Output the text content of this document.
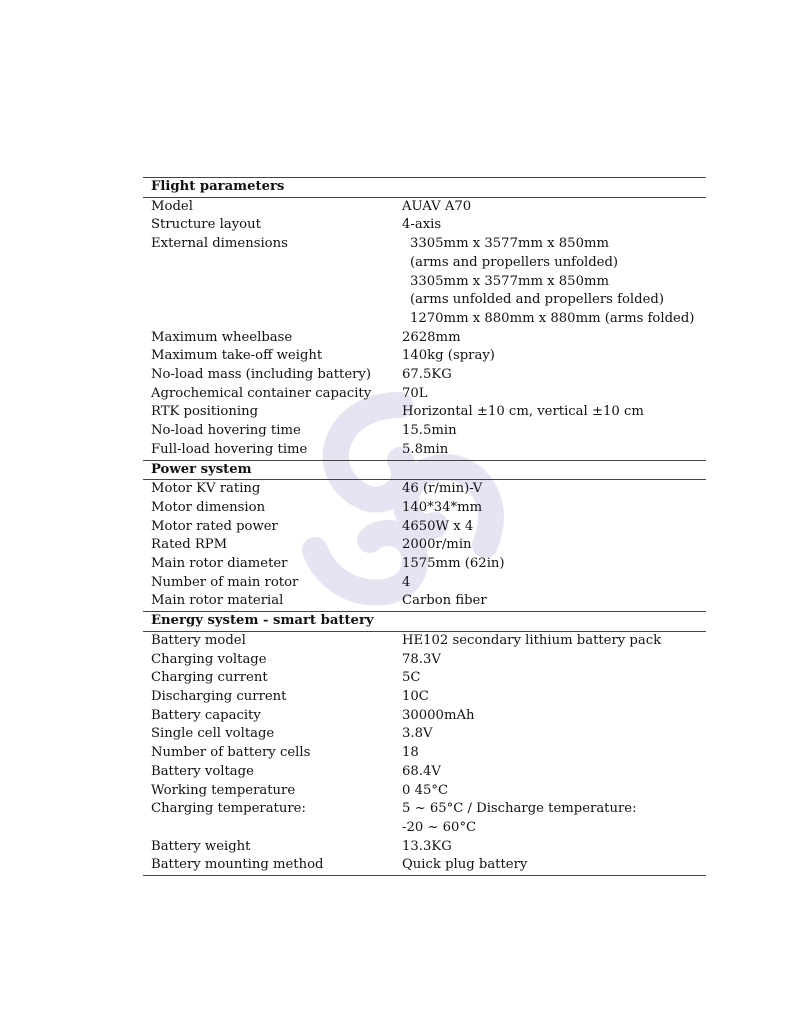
Flight parameters	
Model	AUAV A70
Structure layout	4-axis
External dimensions	3305mm x 3577mm x 850mm
(arms and propellers unfolded)
3305mm x 3577mm x 850mm
(arms unfolded and propellers folded)
1270mm x 880mm x 880mm (arms folded)

Maximum wheelbase	2628mm
Maximum take-off weight	140kg (spray)
No-load mass (including battery)	67.5KG
Agrochemical container capacity	70L
RTK positioning	Horizontal ±10 cm, vertical ±10 cm
No-load hovering time	15.5min
Full-load hovering time	5.8min
Power system	
Motor KV rating	46 (r/min)-V
Motor dimension	140*34*mm
Motor rated power	4650W x 4
Rated RPM	2000r/min
Main rotor diameter	1575mm (62in)
Number of main rotor	4
Main rotor material	Carbon fiber
Energy system - smart battery	
Battery model	HE102 secondary lithium battery pack
Charging voltage	78.3V
Charging current	5C
Discharging current	10C
Battery capacity	30000mAh
Single cell voltage	3.8V
Number of battery cells	18
Battery voltage	68.4V
Working temperature	0 45°C
Charging temperature:	5 ~ 65°C / Discharge temperature:
-20 ~ 60°C

Battery weight	13.3KG
Battery mounting method	Quick plug battery
